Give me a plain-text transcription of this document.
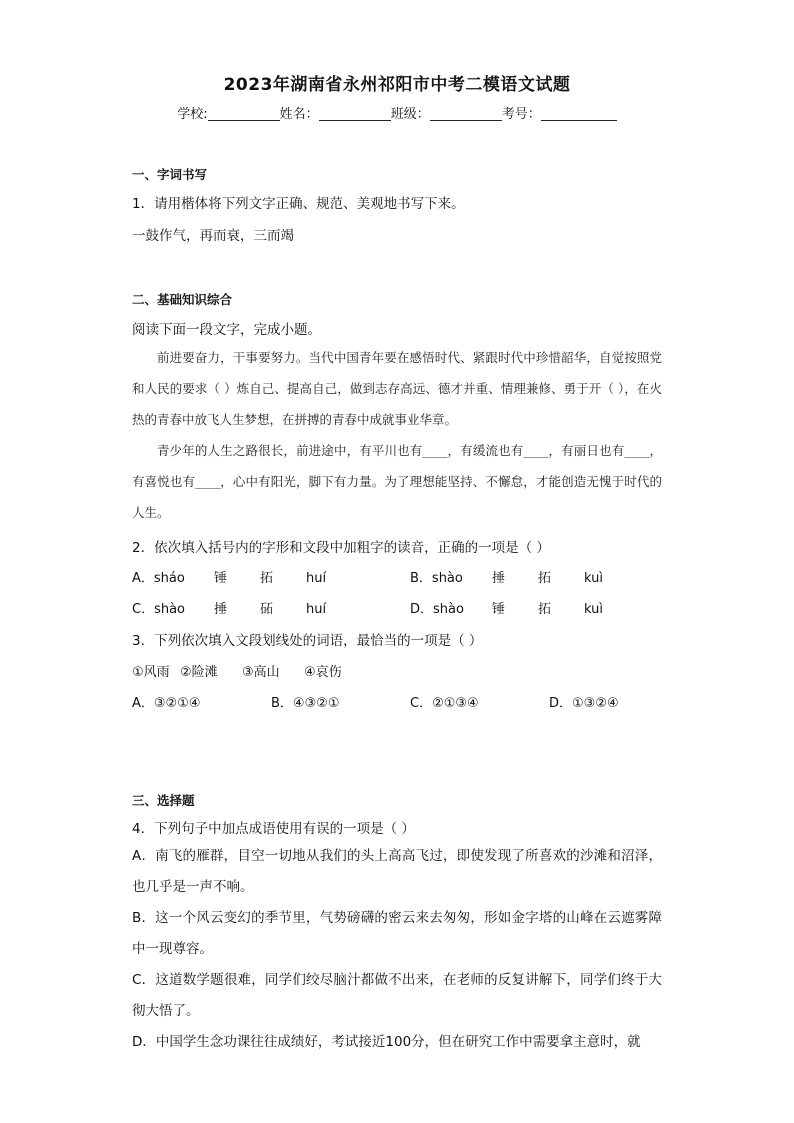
2023年湖南省永州祁阳市中考二模语文试题
学校:	姓名：	班级：	考号：
一、字词书写
1．请用楷体将下列文字正确、规范、美观地书写下来。
一鼓作气，再而衰，三而竭
二、基础知识综合
阅读下面一段文字，完成小题。

前进要奋力，干事要努力。当代中国青年要在感悟时代、紧跟时代中珍惜韶华，自觉按照党和人民的要求（ ）炼自己、提高自己，做到志存高远、德才并重、情理兼修、勇于开（ ），在火热的青春中放飞人生梦想，在拼搏的青春中成就事业华章。

青少年的人生之路很长，前进途中，有平川也有____，有缓流也有____，有丽日也有____，有喜悦也有____，心中有阳光，脚下有力量。为了理想能坚持、不懈怠，才能创造无愧于时代的人生。

2．依次填入括号内的字形和文段中加粗字的读音，正确的一项是（ ）
A．sháo 锤	拓	huí	B．shào 捶	拓	kuì
C．shào 捶	砳	huí	D．shào 锤	拓	kuì
3．下列依次填入文段划线处的词语，最恰当的一项是（ ）
①风雨 ②险滩 ③高山 ④哀伤
A．③②①④	B．④③②①	C．②①③④	D．①③②④
三、选择题
4．下列句子中加点成语使用有误的一项是（ ）

A．南飞的雁群，目空一切地从我们的头上高高飞过，即使发现了所喜欢的沙滩和沼泽，也几乎是一声不响。

B．这一个风云变幻的季节里，气势磅礴的密云来去匆匆，形如金字塔的山峰在云遮雾障中一现尊容。

C．这道数学题很难，同学们绞尽脑汁都做不出来，在老师的反复讲解下，同学们终于大彻大悟了。

D．中国学生念功课往往成绩好，考试接近100分，但在研究工作中需要拿主意时，就
